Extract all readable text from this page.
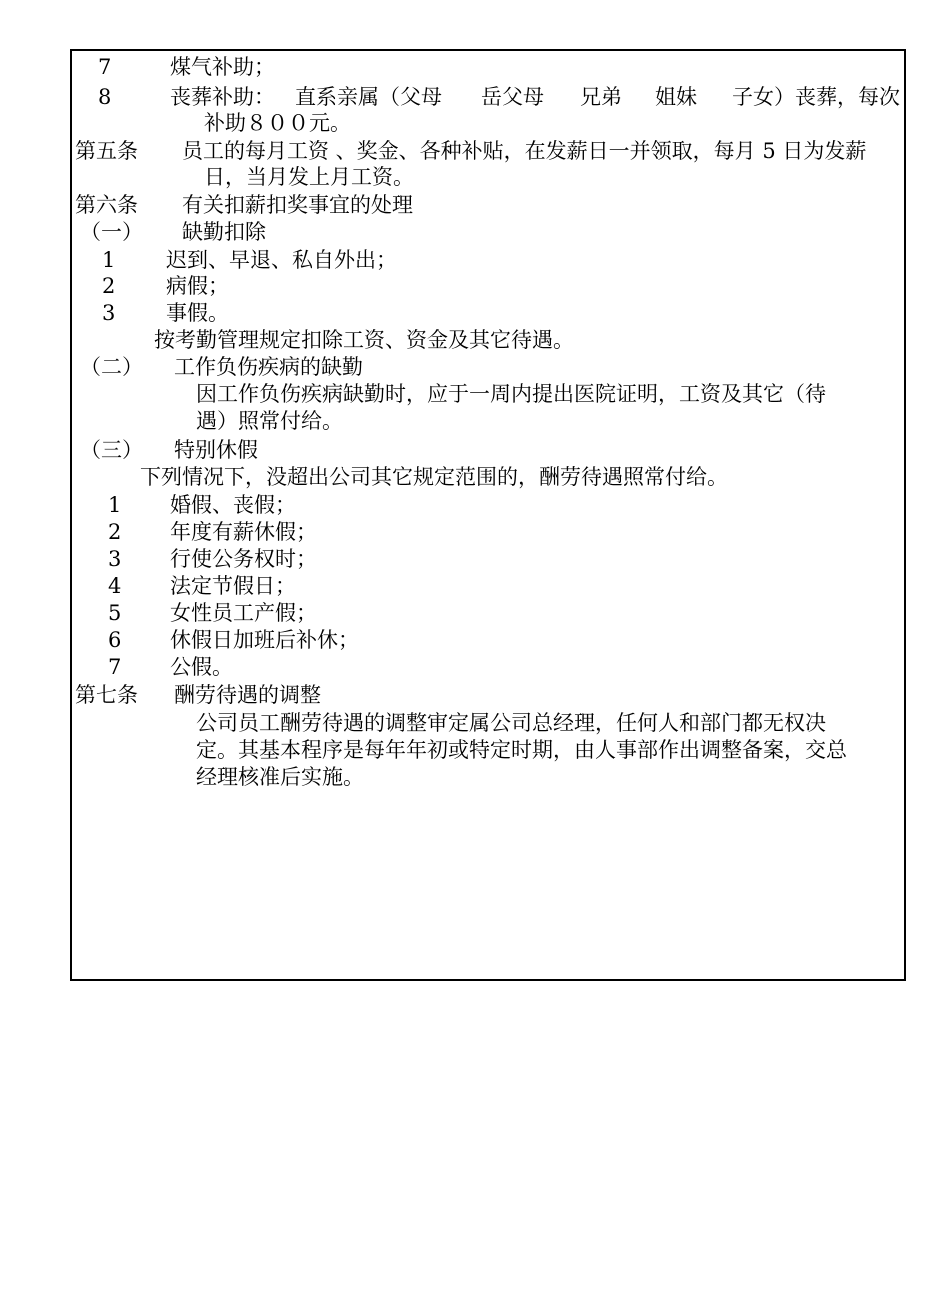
7	煤气补助；
8	丧葬补助： 直系亲属（父母 岳父母 兄弟 姐妹 子女）丧葬，每次
补助８００元。
第五条 员工的每月工资 、奖金、各种补贴，在发薪日一并领取，每月 5 日为发薪
日，当月发上月工资。
第六条 有关扣薪扣奖事宜的处理
（一） 缺勤扣除
1 迟到、早退、私自外出；
2 病假；
3 事假。
按考勤管理规定扣除工资、资金及其它待遇。
（二） 工作负伤疾病的缺勤
因工作负伤疾病缺勤时，应于一周内提出医院证明，工资及其它（待
遇）照常付给。
（三） 特别休假
下列情况下，没超出公司其它规定范围的，酬劳待遇照常付给。
1 婚假、丧假；
2 年度有薪休假；
3 行使公务权时；
4 法定节假日；
5 女性员工产假；
6 休假日加班后补休；
7 公假。
第七条 酬劳待遇的调整
公司员工酬劳待遇的调整审定属公司总经理，任何人和部门都无权决
定。其基本程序是每年年初或特定时期，由人事部作出调整备案，交总
经理核准后实施。
